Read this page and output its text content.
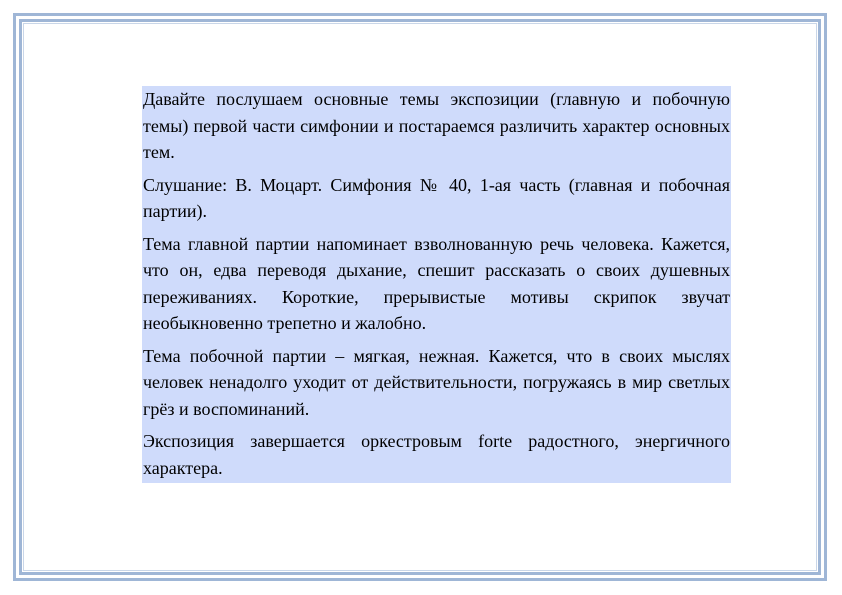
Давайте послушаем основные темы экспозиции (главную и побочную темы) первой части симфонии и постараемся различить характер основных тем.

Слушание: В. Моцарт. Симфония № 40, 1-ая часть (главная и побочная партии).

Тема главной партии напоминает взволнованную речь человека. Кажется, что он, едва переводя дыхание, спешит рассказать о своих душевных переживаниях. Короткие, прерывистые мотивы скрипок звучат необыкновенно трепетно и жалобно.

Тема побочной партии – мягкая, нежная. Кажется, что в своих мыслях человек ненадолго уходит от действительности, погружаясь в мир светлых грёз и воспоминаний.

Экспозиция завершается оркестровым forte радостного, энергичного характера.
